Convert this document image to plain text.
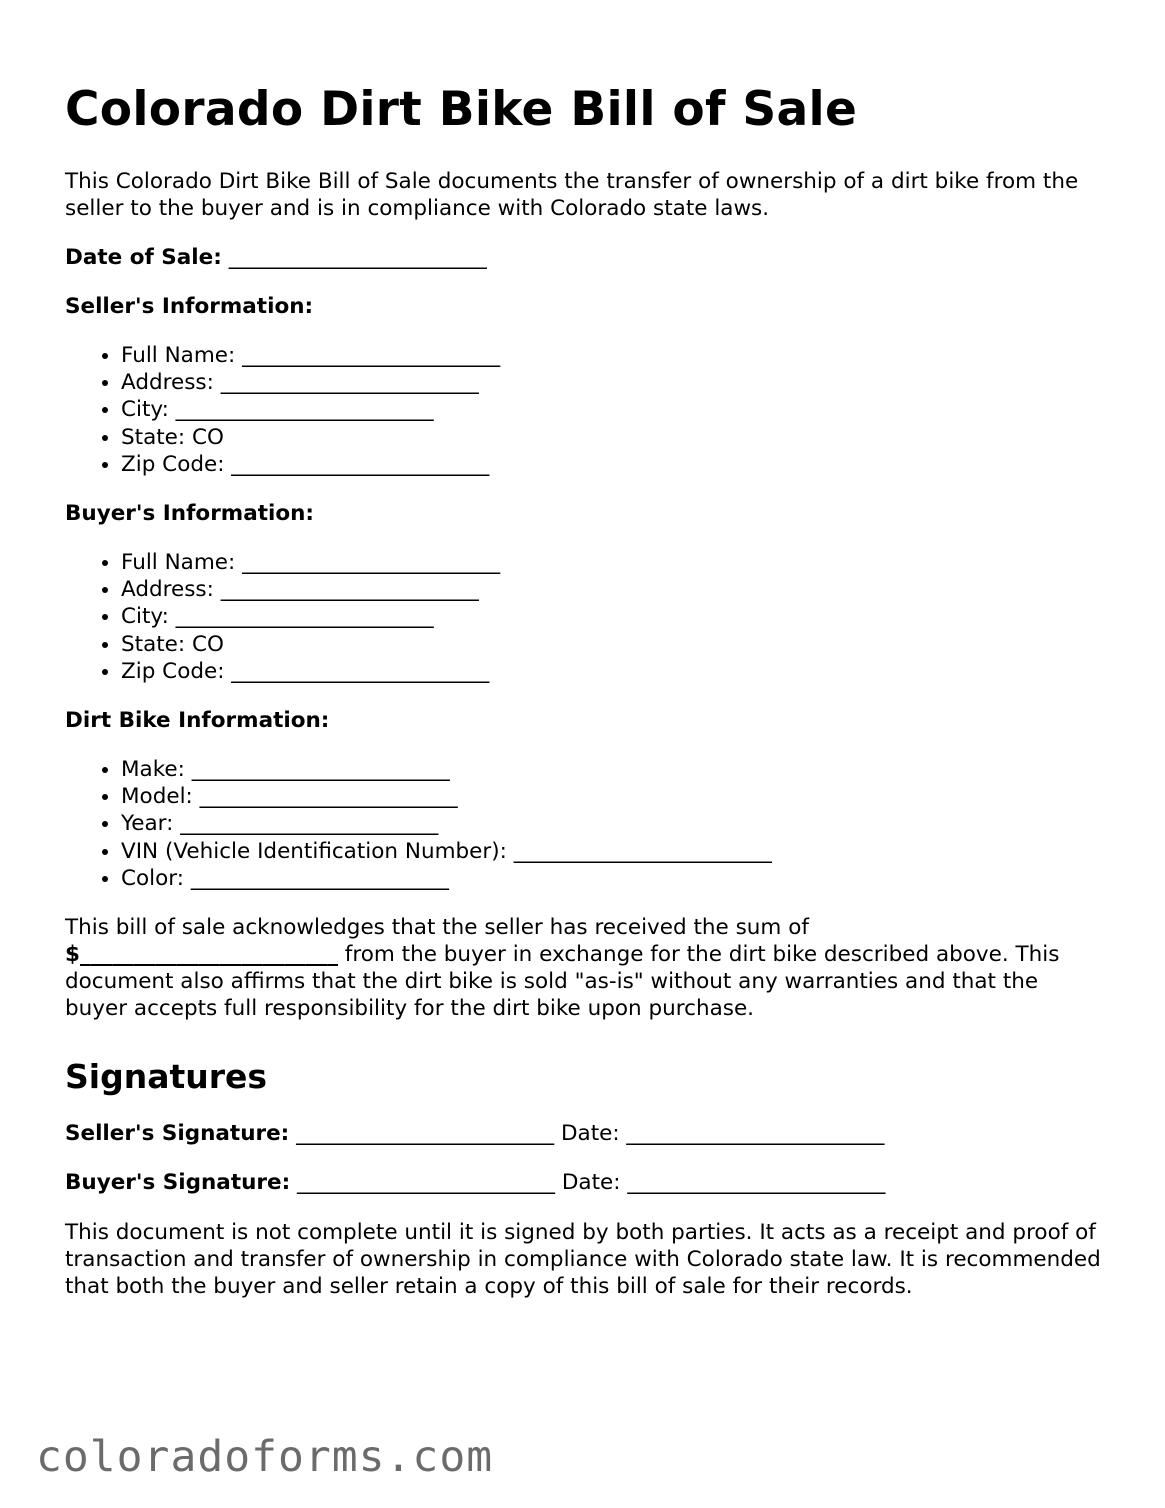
Colorado Dirt Bike Bill of Sale

This Colorado Dirt Bike Bill of Sale documents the transfer of ownership of a dirt bike from the seller to the buyer and is in compliance with Colorado state laws.

Date of Sale: ________________________
Seller's Information:
• Full Name: ________________________
• Address: ________________________
• City: ________________________
• State: CO
• Zip Code: ________________________
Buyer's Information:
• Full Name: ________________________
• Address: ________________________
• City: ________________________
• State: CO
• Zip Code: ________________________
Dirt Bike Information:
• Make: ________________________
• Model: ________________________
• Year: ________________________
• VIN (Vehicle Identification Number): ________________________
• Color: ________________________

This bill of sale acknowledges that the seller has received the sum of
$________________________ from the buyer in exchange for the dirt bike described above. This document also affirms that the dirt bike is sold "as-is" without any warranties and that the buyer accepts full responsibility for the dirt bike upon purchase.

Signatures
Seller's Signature: ________________________ Date: ________________________
Buyer's Signature: ________________________ Date: ________________________

This document is not complete until it is signed by both parties. It acts as a receipt and proof of transaction and transfer of ownership in compliance with Colorado state law. It is recommended that both the buyer and seller retain a copy of this bill of sale for their records.

coloradoforms.com
